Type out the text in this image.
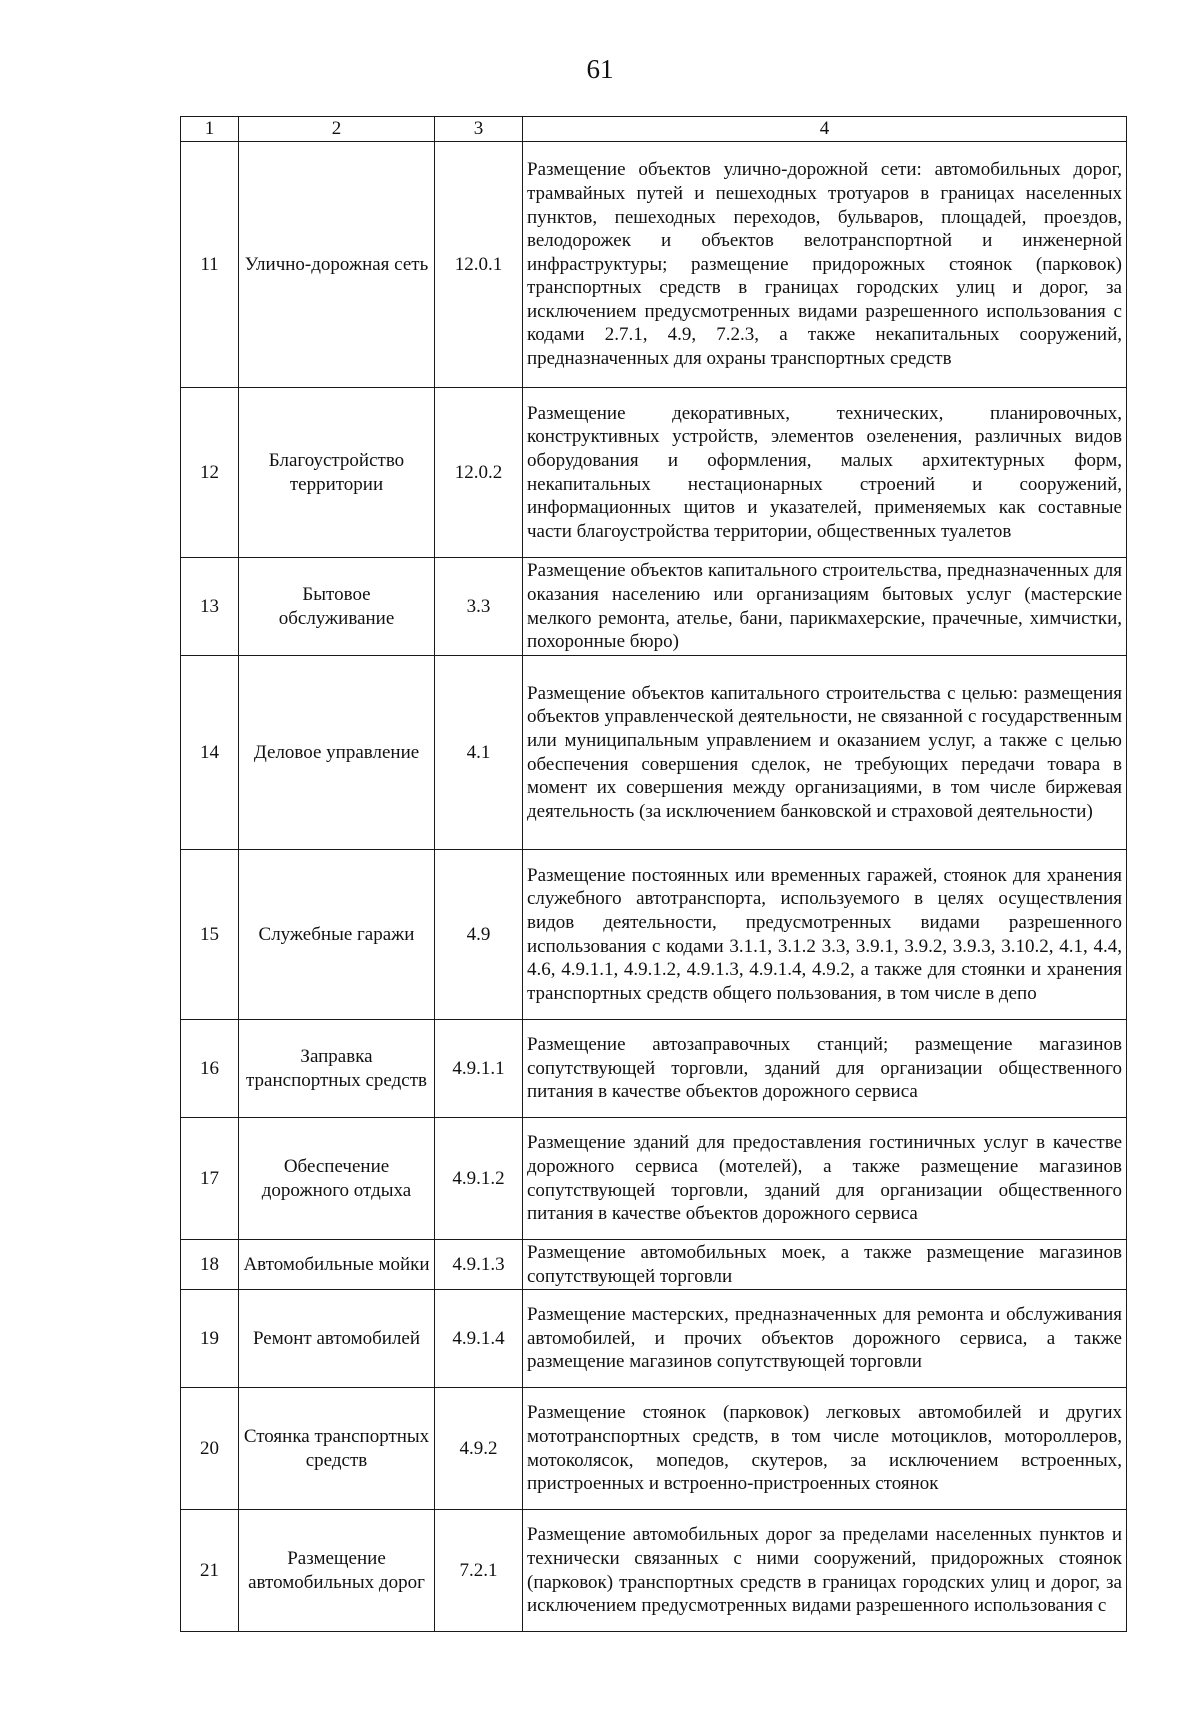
61
1	2	3	4
11	Улично-дорожная сеть	12.0.1	Размещение объектов улично-дорожной сети: автомобильных дорог, трамвайных путей и пешеходных тротуаров в границах населенных пунктов, пешеходных переходов, бульваров, площадей, проездов, велодорожек и объектов велотранспортной и инженерной инфраструктуры; размещение придорожных стоянок (парковок) транспортных средств в границах городских улиц и дорог, за исключением предусмотренных видами разрешенного использования с кодами 2.7.1, 4.9, 7.2.3, а также некапитальных сооружений, предназначенных для охраны транспортных средств
12	Благоустройство территории	12.0.2	Размещение декоративных, технических, планировочных, конструктивных устройств, элементов озеленения, различных видов оборудования и оформления, малых архитектурных форм, некапитальных нестационарных строений и сооружений, информационных щитов и указателей, применяемых как составные части благоустройства территории, общественных туалетов
13	Бытовое обслуживание	3.3	Размещение объектов капитального строительства, предназначенных для оказания населению или организациям бытовых услуг (мастерские мелкого ремонта, ателье, бани, парикмахерские, прачечные, химчистки, похоронные бюро)
14	Деловое управление	4.1	Размещение объектов капитального строительства с целью: размещения объектов управленческой деятельности, не связанной с государственным или муниципальным управлением и оказанием услуг, а также с целью обеспечения совершения сделок, не требующих передачи товара в момент их совершения между организациями, в том числе биржевая деятельность (за исключением банковской и страховой деятельности)
15	Служебные гаражи	4.9	Размещение постоянных или временных гаражей, стоянок для хранения служебного автотранспорта, используемого в целях осуществления видов деятельности, предусмотренных видами разрешенного использования с кодами 3.1.1, 3.1.2 3.3, 3.9.1, 3.9.2, 3.9.3, 3.10.2, 4.1, 4.4, 4.6, 4.9.1.1, 4.9.1.2, 4.9.1.3, 4.9.1.4, 4.9.2, а также для стоянки и хранения транспортных средств общего пользования, в том числе в депо
16	Заправка транспортных средств	4.9.1.1	Размещение автозаправочных станций; размещение магазинов сопутствующей торговли, зданий для организации общественного питания в качестве объектов дорожного сервиса
17	Обеспечение дорожного отдыха	4.9.1.2	Размещение зданий для предоставления гостиничных услуг в качестве дорожного сервиса (мотелей), а также размещение магазинов сопутствующей торговли, зданий для организации общественного питания в качестве объектов дорожного сервиса
18	Автомобильные мойки	4.9.1.3	Размещение автомобильных моек, а также размещение магазинов сопутствующей торговли
19	Ремонт автомобилей	4.9.1.4	Размещение мастерских, предназначенных для ремонта и обслуживания автомобилей, и прочих объектов дорожного сервиса, а также размещение магазинов сопутствующей торговли
20	Стоянка транспортных средств	4.9.2	Размещение стоянок (парковок) легковых автомобилей и других мототранспортных средств, в том числе мотоциклов, мотороллеров, мотоколясок, мопедов, скутеров, за исключением встроенных, пристроенных и встроенно-пристроенных стоянок
21	Размещение автомобильных дорог	7.2.1	Размещение автомобильных дорог за пределами населенных пунктов и технически связанных с ними сооружений, придорожных стоянок (парковок) транспортных средств в границах городских улиц и дорог, за исключением предусмотренных видами разрешенного использования с
